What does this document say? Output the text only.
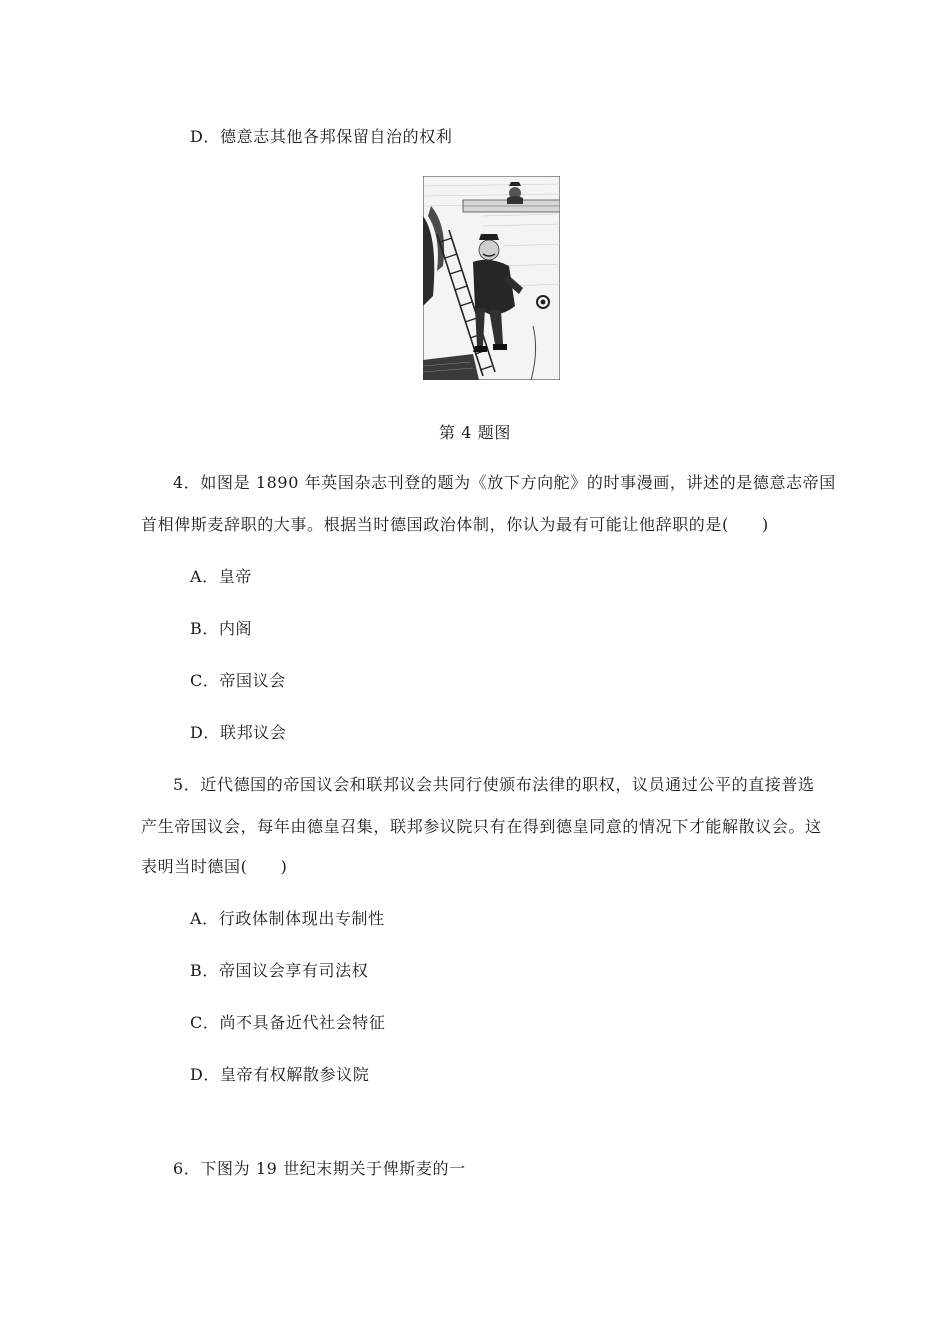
D．德意志其他各邦保留自治的权利
第 4 题图
4．如图是 1890 年英国杂志刊登的题为《放下方向舵》的时事漫画，讲述的是德意志帝国
首相俾斯麦辞职的大事。根据当时德国政治体制，你认为最有可能让他辞职的是(　　)
A．皇帝
B．内阁
C．帝国议会
D．联邦议会
5．近代德国的帝国议会和联邦议会共同行使颁布法律的职权，议员通过公平的直接普选
产生帝国议会，每年由德皇召集，联邦参议院只有在得到德皇同意的情况下才能解散议会。这
表明当时德国(　　)
A．行政体制体现出专制性
B．帝国议会享有司法权
C．尚不具备近代社会特征
D．皇帝有权解散参议院
6．下图为 19 世纪末期关于俾斯麦的一
